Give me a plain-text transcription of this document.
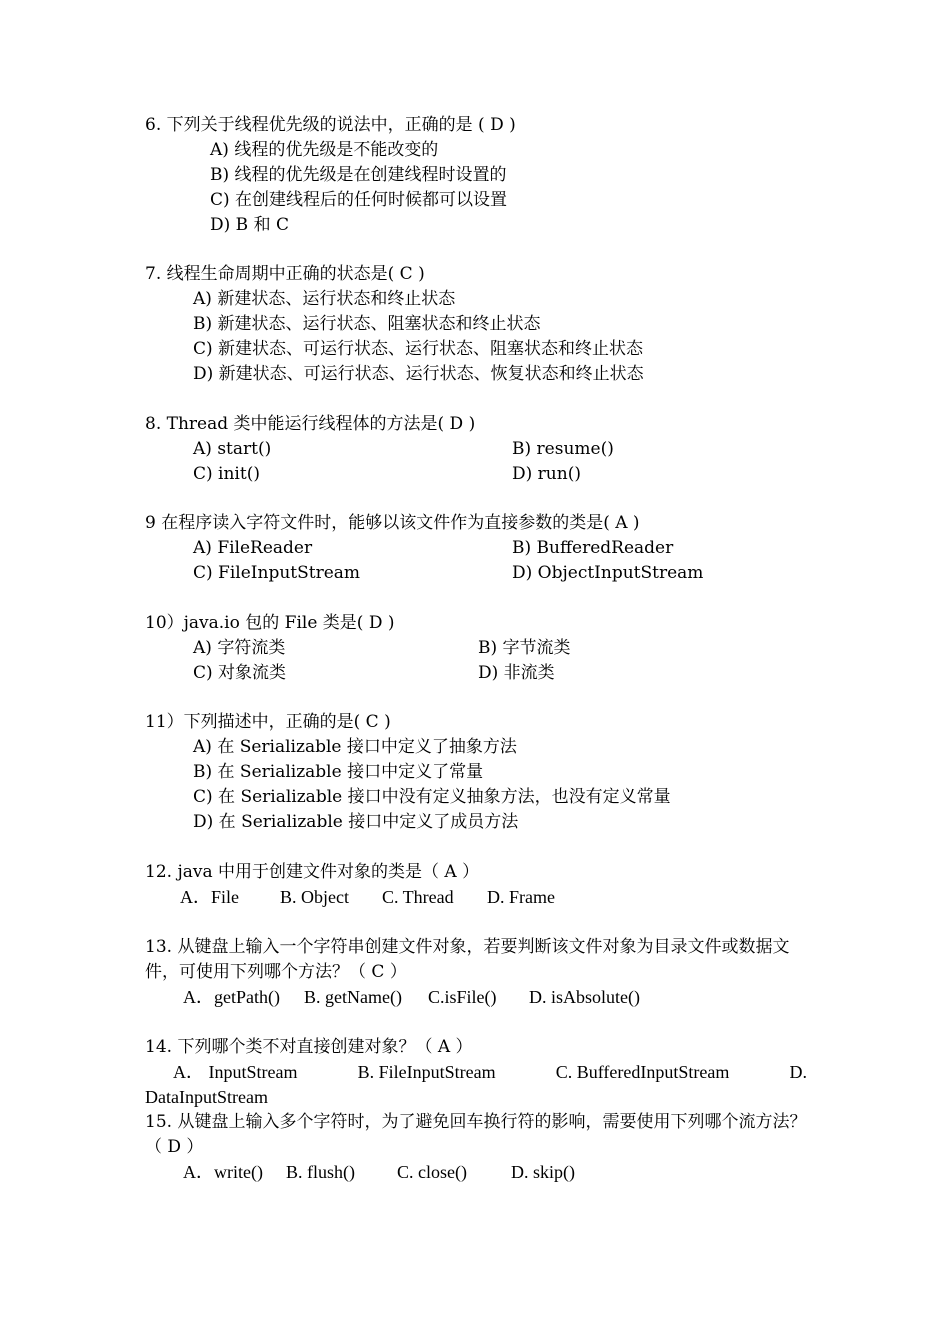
6. 下列关于线程优先级的说法中，正确的是 ( D )
A) 线程的优先级是不能改变的
B) 线程的优先级是在创建线程时设置的
C) 在创建线程后的任何时候都可以设置
D) B 和 C
7. 线程生命周期中正确的状态是( C )
A) 新建状态、运行状态和终止状态
B) 新建状态、运行状态、阻塞状态和终止状态
C) 新建状态、可运行状态、运行状态、阻塞状态和终止状态
D) 新建状态、可运行状态、运行状态、恢复状态和终止状态
8. Thread 类中能运行线程体的方法是( D )
A) start()	B) resume()
C) init()	D) run()
9 在程序读入字符文件时，能够以该文件作为直接参数的类是( A )
A) FileReader	B) BufferedReader
C) FileInputStream	D) ObjectInputStream
10）java.io 包的 File 类是( D )
A) 字符流类	B) 字节流类
C) 对象流类	D) 非流类
11）下列描述中，正确的是( C )
A) 在 Serializable 接口中定义了抽象方法
B) 在 Serializable 接口中定义了常量
C) 在 Serializable 接口中没有定义抽象方法，也没有定义常量
D) 在 Serializable 接口中定义了成员方法
12. java 中用于创建文件对象的类是（ A ）
A．File B. Object C. Thread D. Frame
13. 从键盘上输入一个字符串创建文件对象，若要判断该文件对象为目录文件或数据文件，可使用下列哪个方法？（ C ）
A．getPath() B. getName() C.isFile() D. isAbsolute()
14. 下列哪个类不对直接创建对象？（ A ）
A． InputStream	B. FileInputStream	C. BufferedInputStream	D.
DataInputStream
15. 从键盘上输入多个字符时，为了避免回车换行符的影响，需要使用下列哪个流方法？（ D ）
A．write() B. flush() C. close() D. skip()
